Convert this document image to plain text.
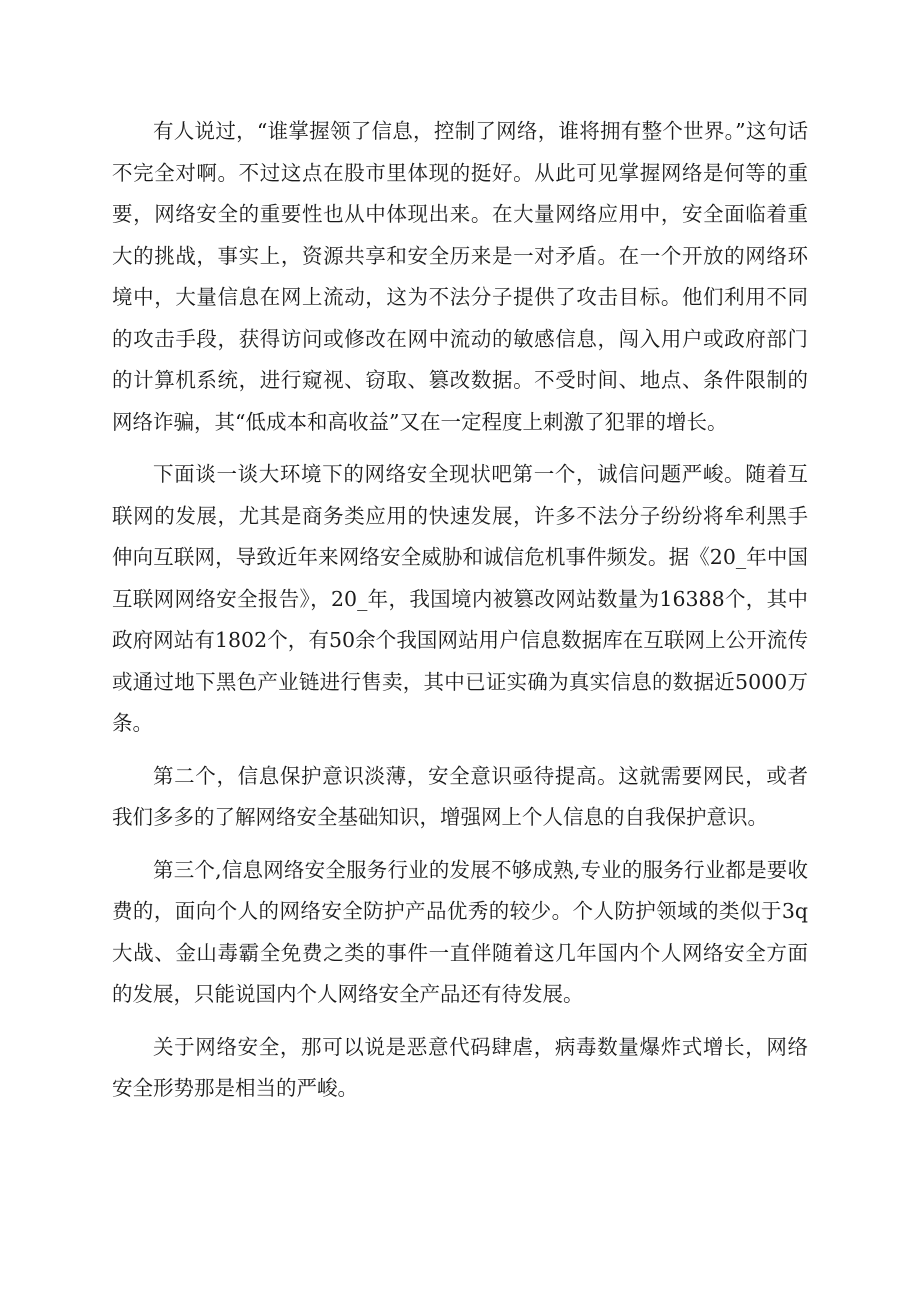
有人说过，“谁掌握领了信息，控制了网络，谁将拥有整个世界。”这句话不完全对啊。不过这点在股市里体现的挺好。从此可见掌握网络是何等的重要，网络安全的重要性也从中体现出来。在大量网络应用中，安全面临着重大的挑战，事实上，资源共享和安全历来是一对矛盾。在一个开放的网络环境中，大量信息在网上流动，这为不法分子提供了攻击目标。他们利用不同的攻击手段，获得访问或修改在网中流动的敏感信息，闯入用户或政府部门的计算机系统，进行窥视、窃取、篡改数据。不受时间、地点、条件限制的网络诈骗，其“低成本和高收益”又在一定程度上刺激了犯罪的增长。

下面谈一谈大环境下的网络安全现状吧第一个，诚信问题严峻。随着互联网的发展，尤其是商务类应用的快速发展，许多不法分子纷纷将牟利黑手伸向互联网，导致近年来网络安全威胁和诚信危机事件频发。据《20_年中国互联网网络安全报告》，20_年，我国境内被篡改网站数量为16388个，其中政府网站有1802个，有50余个我国网站用户信息数据库在互联网上公开流传或通过地下黑色产业链进行售卖，其中已证实确为真实信息的数据近5000万条。

第二个，信息保护意识淡薄，安全意识亟待提高。这就需要网民，或者我们多多的了解网络安全基础知识，增强网上个人信息的自我保护意识。

第三个,信息网络安全服务行业的发展不够成熟,专业的服务行业都是要收费的，面向个人的网络安全防护产品优秀的较少。个人防护领域的类似于3q大战、金山毒霸全免费之类的事件一直伴随着这几年国内个人网络安全方面的发展，只能说国内个人网络安全产品还有待发展。

关于网络安全，那可以说是恶意代码肆虐，病毒数量爆炸式增长，网络安全形势那是相当的严峻。
